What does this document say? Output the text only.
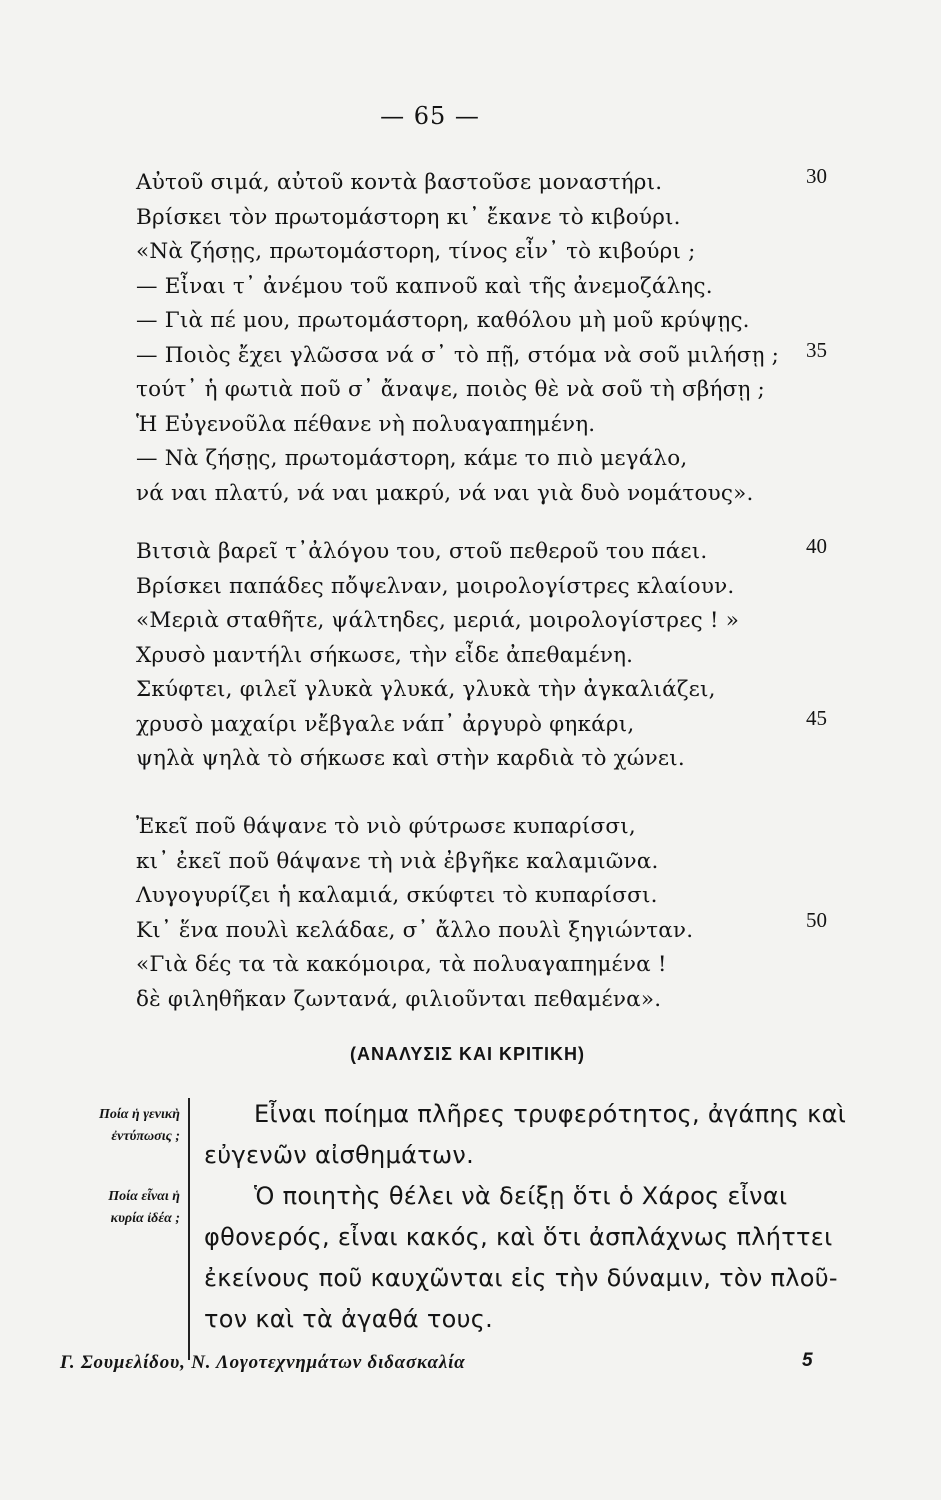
— 65 —
Αὐτοῦ σιμά, αὐτοῦ κοντὰ βαστοῦσε μοναστήρι.
Βρίσκει τὸν πρωτομάστορη κι᾽ ἔκανε τὸ κιβούρι.
«Νὰ ζήσῃς, πρωτομάστορη, τίνος εἶν᾽ τὸ κιβούρι ;
— Εἶναι τ᾽ ἀνέμου τοῦ καπνοῦ καὶ τῆς ἀνεμοζάλης.
— Γιὰ πέ μου, πρωτομάστορη, καθόλου μὴ μοῦ κρύψῃς.
— Ποιὸς ἔχει γλῶσσα νά σ᾽ τὸ πῇ, στόμα νὰ σοῦ μιλήσῃ ;
τούτ᾽ ἡ φωτιὰ ποῦ σ᾽ ἄναψε, ποιὸς θὲ νὰ σοῦ τὴ σβήσῃ ;
Ἡ Εὐγενοῦλα πέθανε νὴ πολυαγαπημένη.
— Νὰ ζήσῃς, πρωτομάστορη, κάμε το πιὸ μεγάλο,
νά ναι πλατύ, νά ναι μακρύ, νά ναι γιὰ δυὸ νομάτους».
Βιτσιὰ βαρεῖ τ᾽ἀλόγου του, στοῦ πεθεροῦ του πάει.
Βρίσκει παπάδες πὄψελναν, μοιρολογίστρες κλαίουν.
«Μεριὰ σταθῆτε, ψάλτηδες, μεριά, μοιρολογίστρες ! »
Χρυσὸ μαντήλι σήκωσε, τὴν εἶδε ἀπεθαμένη.
Σκύφτει, φιλεῖ γλυκὰ γλυκά, γλυκὰ τὴν ἀγκαλιάζει,
χρυσὸ μαχαίρι νἔβγαλε νάπ᾽ ἀργυρὸ φηκάρι,
ψηλὰ ψηλὰ τὸ σήκωσε καὶ στὴν καρδιὰ τὸ χώνει.
Ἐκεῖ ποῦ θάψανε τὸ νιὸ φύτρωσε κυπαρίσσι,
κι᾽ ἐκεῖ ποῦ θάψανε τὴ νιὰ ἐβγῆκε καλαμιῶνα.
Λυγογυρίζει ἡ καλαμιά, σκύφτει τὸ κυπαρίσσι.
Κι᾽ ἕνα πουλὶ κελάδαε, σ᾽ ἄλλο πουλὶ ξηγιώνταν.
«Γιὰ δές τα τὰ κακόμοιρα, τὰ πολυαγαπημένα !
δὲ φιληθῆκαν ζωντανά, φιλιοῦνται πεθαμένα».
30
35
40
45
50
(ΑΝΑΛΥΣΙΣ ΚΑΙ ΚΡΙΤΙΚΗ)
Ποία ἡ γενικὴ
ἐντύπωσις ;
Ποία εἶναι ἡ
κυρία ἰδέα ;
Εἶναι ποίημα πλῆρες τρυφερότητος, ἀγάπης καὶ
εὐγενῶν αἰσθημάτων.
Ὁ ποιητὴς θέλει νὰ δείξῃ ὅτι ὁ Χάρος εἶναι
φθονερός, εἶναι κακός, καὶ ὅτι ἀσπλάχνως πλήττει
ἐκείνους ποῦ καυχῶνται εἰς τὴν δύναμιν, τὸν πλοῦ-
τον καὶ τὰ ἀγαθά τους.
Γ. Σουμελίδου, Ν. Λογοτεχνημάτων διδασκαλία	5
